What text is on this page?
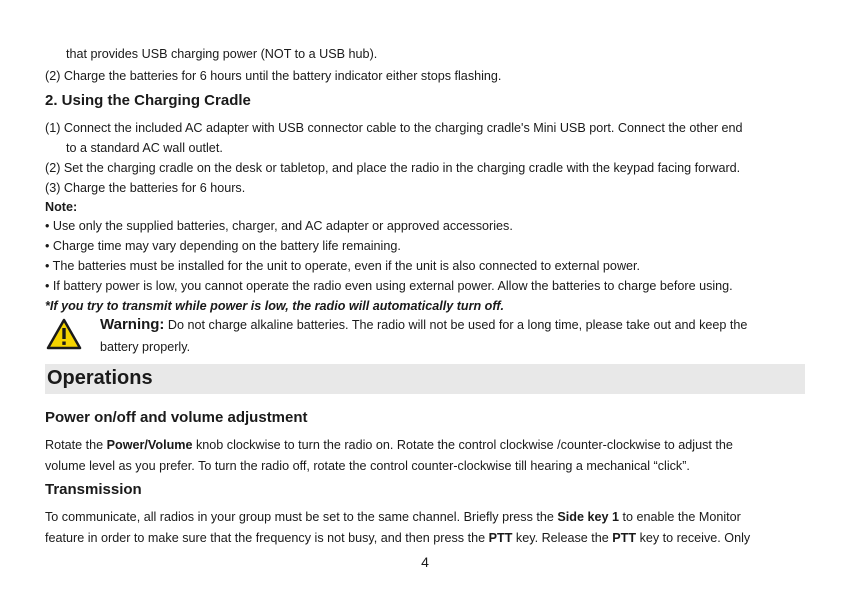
that provides USB charging power (NOT to a USB hub).
(2) Charge the batteries for 6 hours until the battery indicator either stops flashing.
2. Using the Charging Cradle
(1) Connect the included AC adapter with USB connector cable to the charging cradle's Mini USB port. Connect the other end
to a standard AC wall outlet.
(2) Set the charging cradle on the desk or tabletop, and place the radio in the charging cradle with the keypad facing forward.
(3) Charge the batteries for 6 hours.
Note:
• Use only the supplied batteries, charger, and AC adapter or approved accessories.
• Charge time may vary depending on the battery life remaining.
• The batteries must be installed for the unit to operate, even if the unit is also connected to external power.
• If battery power is low, you cannot operate the radio even using external power. Allow the batteries to charge before using.
*If you try to transmit while power is low, the radio will automatically turn off.
Warning: Do not charge alkaline batteries. The radio will not be used for a long time, please take out and keep the
battery properly.
Operations
Power on/off and volume adjustment
Rotate the Power/Volume knob clockwise to turn the radio on. Rotate the control clockwise /counter-clockwise to adjust the
volume level as you prefer. To turn the radio off, rotate the control counter-clockwise till hearing a mechanical “click”.
Transmission
To communicate, all radios in your group must be set to the same channel. Briefly press the Side key 1 to enable the Monitor
feature in order to make sure that the frequency is not busy, and then press the PTT key. Release the PTT key to receive. Only
4
